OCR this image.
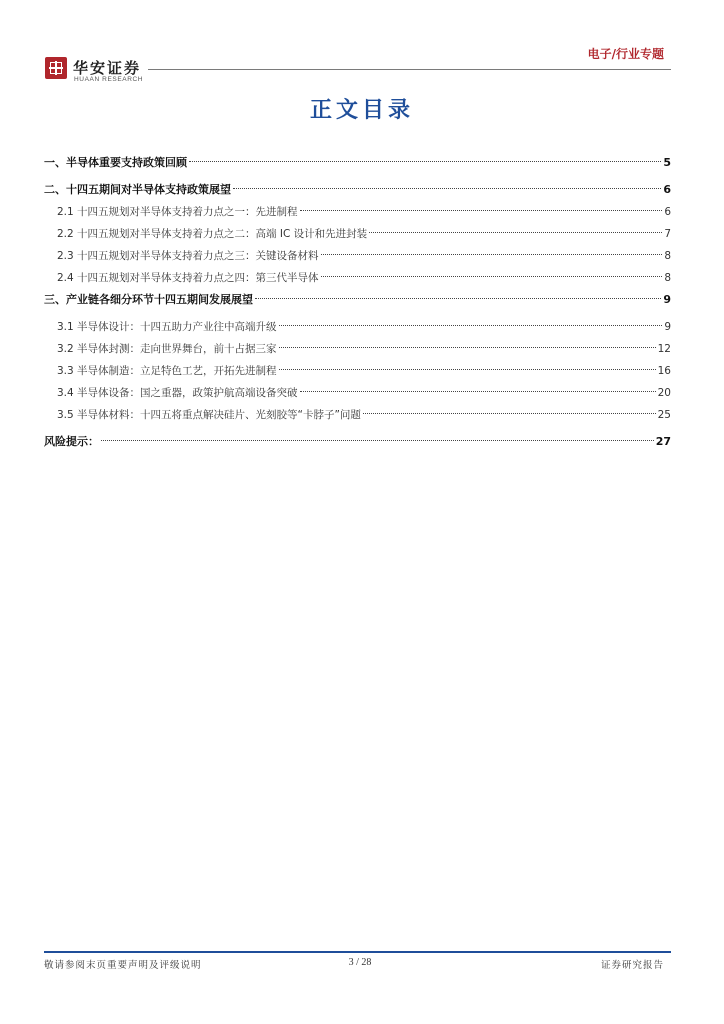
华安证券
HUAAN RESEARCH
电子/行业专题
正文目录
一、半导体重要支持政策回顾	5
二、十四五期间对半导体支持政策展望	6
2.1 十四五规划对半导体支持着力点之一：先进制程	6
2.2 十四五规划对半导体支持着力点之二：高端 IC 设计和先进封装	7
2.3 十四五规划对半导体支持着力点之三：关键设备材料	8
2.4 十四五规划对半导体支持着力点之四：第三代半导体	8
三、产业链各细分环节十四五期间发展展望	9
3.1 半导体设计：十四五助力产业往中高端升级	9
3.2 半导体封测：走向世界舞台，前十占据三家	12
3.3 半导体制造：立足特色工艺，开拓先进制程	16
3.4 半导体设备：国之重器，政策护航高端设备突破	20
3.5 半导体材料：十四五将重点解决硅片、光刻胶等“卡脖子”问题	25
风险提示：	27
敬请参阅末页重要声明及评级说明	3 / 28	证券研究报告
